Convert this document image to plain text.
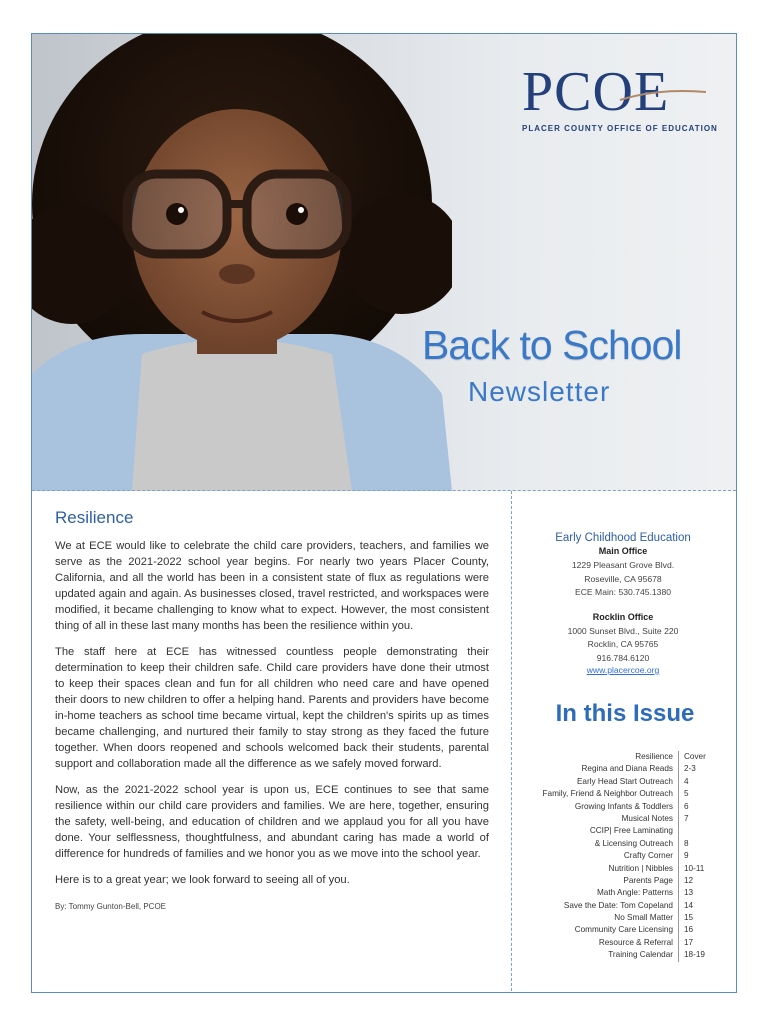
PCOE
PLACER COUNTY OFFICE OF EDUCATION
Back to School
Newsletter
Resilience

We at ECE would like to celebrate the child care providers, teachers, and families we serve as the 2021-2022 school year begins. For nearly two years Placer County, California, and all the world has been in a consistent state of flux as regulations were updated again and again. As businesses closed, travel restricted, and workspaces were modified, it became challenging to know what to expect. However, the most consistent thing of all in these last many months has been the resilience within you.

The staff here at ECE has witnessed countless people demonstrating their determination to keep their children safe. Child care providers have done their utmost to keep their spaces clean and fun for all children who need care and have opened their doors to new children to offer a helping hand. Parents and providers have become in-home teachers as school time became virtual, kept the children's spirits up as times became challenging, and nurtured their family to stay strong as they faced the future together. When doors reopened and schools welcomed back their students, parental support and collaboration made all the difference as we safely moved forward.

Now, as the 2021-2022 school year is upon us, ECE continues to see that same resilience within our child care providers and families. We are here, together, ensuring the safety, well-being, and education of children and we applaud you for all you have done. Your selflessness, thoughtfulness, and abundant caring has made a world of difference for hundreds of families and we honor you as we move into the school year.

Here is to a great year; we look forward to seeing all of you.

By: Tommy Gunton-Bell, PCOE
Early Childhood Education
Main Office
1229 Pleasant Grove Blvd.
Roseville, CA 95678
ECE Main: 530.745.1380
Rocklin Office
1000 Sunset Blvd., Suite 220
Rocklin, CA 95765
916.784.6120
www.placercoe.org
In this Issue
Resilience	Cover
Regina and Diana Reads	2-3
Early Head Start Outreach	4
Family, Friend & Neighbor Outreach	5
Growing Infants & Toddlers	6
Musical Notes	7
CCIP| Free Laminating
& Licensing Outreach	8
Crafty Corner	9
Nutrition | Nibbles	10-11
Parents Page	12
Math Angle: Patterns	13
Save the Date: Tom Copeland	14
No Small Matter	15
Community Care Licensing	16
Resource & Referral	17
Training Calendar	18-19
